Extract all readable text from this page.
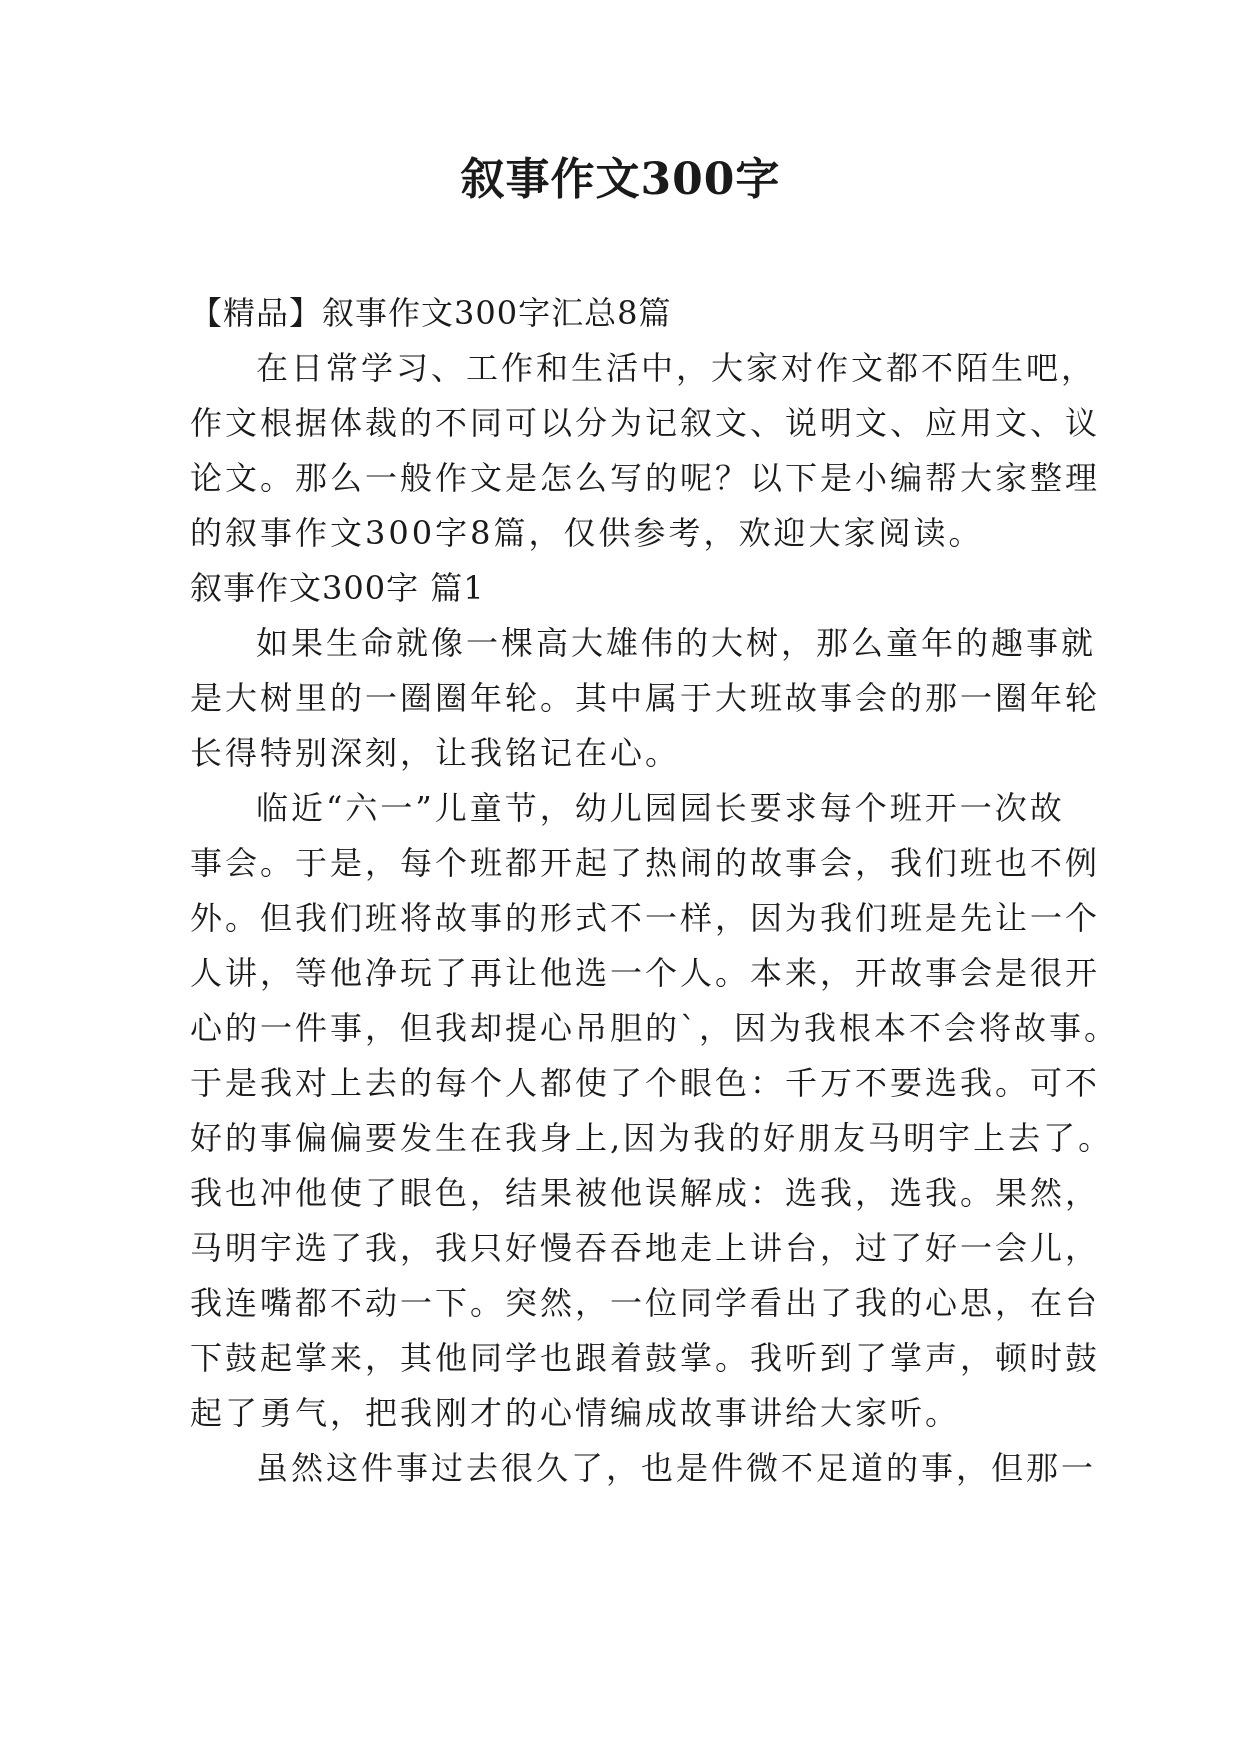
叙事作文300字

【精品】叙事作文300字汇总8篇

在日常学习、工作和生活中，大家对作文都不陌生吧，

作文根据体裁的不同可以分为记叙文、说明文、应用文、议

论文。那么一般作文是怎么写的呢？以下是小编帮大家整理

的叙事作文300字8篇，仅供参考，欢迎大家阅读。

叙事作文300字 篇1

如果生命就像一棵高大雄伟的大树，那么童年的趣事就

是大树里的一圈圈年轮。其中属于大班故事会的那一圈年轮

长得特别深刻，让我铭记在心。

临近“六一”儿童节，幼儿园园长要求每个班开一次故

事会。于是，每个班都开起了热闹的故事会，我们班也不例

外。但我们班将故事的形式不一样，因为我们班是先让一个

人讲，等他净玩了再让他选一个人。本来，开故事会是很开

心的一件事，但我却提心吊胆的`，因为我根本不会将故事。

于是我对上去的每个人都使了个眼色：千万不要选我。可不

好的事偏偏要发生在我身上,因为我的好朋友马明宇上去了。

我也冲他使了眼色，结果被他误解成：选我，选我。果然，

马明宇选了我，我只好慢吞吞地走上讲台，过了好一会儿，

我连嘴都不动一下。突然，一位同学看出了我的心思，在台

下鼓起掌来，其他同学也跟着鼓掌。我听到了掌声，顿时鼓

起了勇气，把我刚才的心情编成故事讲给大家听。

虽然这件事过去很久了，也是件微不足道的事，但那一
